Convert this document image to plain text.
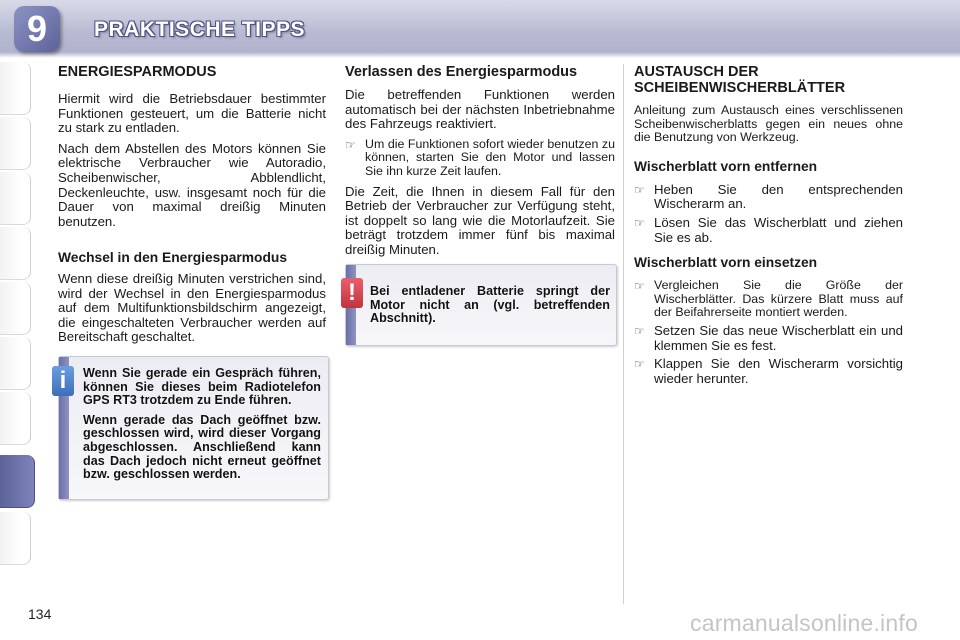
9	PRAKTISCHE TIPPS
ENERGIESPARMODUS

Hiermit wird die Betriebsdauer bestimmter Funktionen gesteuert, um die Batterie nicht zu stark zu entladen.

Nach dem Abstellen des Motors können Sie elektrische Verbraucher wie Autoradio, Scheibenwischer, Abblendlicht, Deckenleuchte, usw. insgesamt noch für die Dauer von maximal dreißig Minuten benutzen.

Wechsel in den Energiesparmodus

Wenn diese dreißig Minuten verstrichen sind, wird der Wechsel in den Energiesparmodus auf dem Multifunktionsbildschirm angezeigt, die eingeschalteten Verbraucher werden auf Bereitschaft geschaltet.

Wenn Sie gerade ein Gespräch führen, können Sie dieses beim Radiotelefon GPS RT3 trotzdem zu Ende führen.

Wenn gerade das Dach geöffnet bzw. geschlossen wird, wird dieser Vorgang abgeschlossen. Anschließend kann das Dach jedoch nicht erneut geöffnet bzw. geschlossen werden.

i
Verlassen des Energiesparmodus

Die betreffenden Funktionen werden automatisch bei der nächsten Inbetriebnahme des Fahrzeugs reaktiviert.

☞ Um die Funktionen sofort wieder benutzen zu können, starten Sie den Motor und lassen Sie ihn kurze Zeit laufen.

Die Zeit, die Ihnen in diesem Fall für den Betrieb der Verbraucher zur Verfügung steht, ist doppelt so lang wie die Motorlaufzeit. Sie beträgt trotzdem immer fünf bis maximal dreißig Minuten.

Bei entladener Batterie springt der Motor nicht an (vgl. betreffenden Abschnitt).
!
AUSTAUSCH DER SCHEIBENWISCHERBLÄTTER

Anleitung zum Austausch eines verschlissenen Scheibenwischerblatts gegen ein neues ohne die Benutzung von Werkzeug.

Wischerblatt vorn entfernen
☞ Heben Sie den entsprechenden Wischerarm an.
☞ Lösen Sie das Wischerblatt und ziehen Sie es ab.
Wischerblatt vorn einsetzen
☞ Vergleichen Sie die Größe der Wischerblätter. Das kürzere Blatt muss auf der Beifahrerseite montiert werden.
☞ Setzen Sie das neue Wischerblatt ein und klemmen Sie es fest.
☞ Klappen Sie den Wischerarm vorsichtig wieder herunter.
134	carmanualsonline.info
